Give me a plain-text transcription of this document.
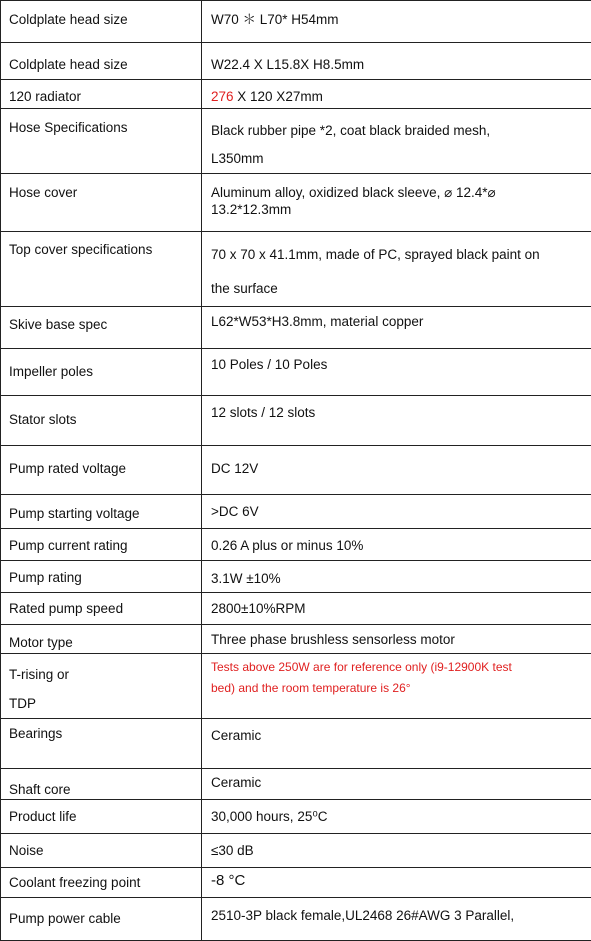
Coldplate head size	W70 ＊ L70* H54mm
Coldplate head size	W22.4 X L15.8X H8.5mm
120 radiator	276 X 120 X27mm
Hose Specifications	Black rubber pipe *2, coat black braided mesh,
L350mm
Hose cover	Aluminum alloy, oxidized black sleeve, ⌀ 12.4*⌀
13.2*12.3mm
Top cover specifications	70 x 70 x 41.1mm, made of PC, sprayed black paint on
the surface
Skive base spec	L62*W53*H3.8mm, material copper
Impeller poles	10 Poles / 10 Poles
Stator slots	12 slots / 12 slots
Pump rated voltage	DC 12V
Pump starting voltage	>DC 6V
Pump current rating	0.26 A plus or minus 10%
Pump rating	3.1W ±10%
Rated pump speed	2800±10%RPM
Motor type	Three phase brushless sensorless motor
T-rising or
TDP	Tests above 250W are for reference only (i9-12900K test
bed) and the room temperature is 26°
Bearings	Ceramic
Shaft core	Ceramic
Product life	30,000 hours, 25⁰C
Noise	≤30 dB
Coolant freezing point	-8 °C
Pump power cable	2510-3P black female,UL2468 26#AWG 3 Parallel,
